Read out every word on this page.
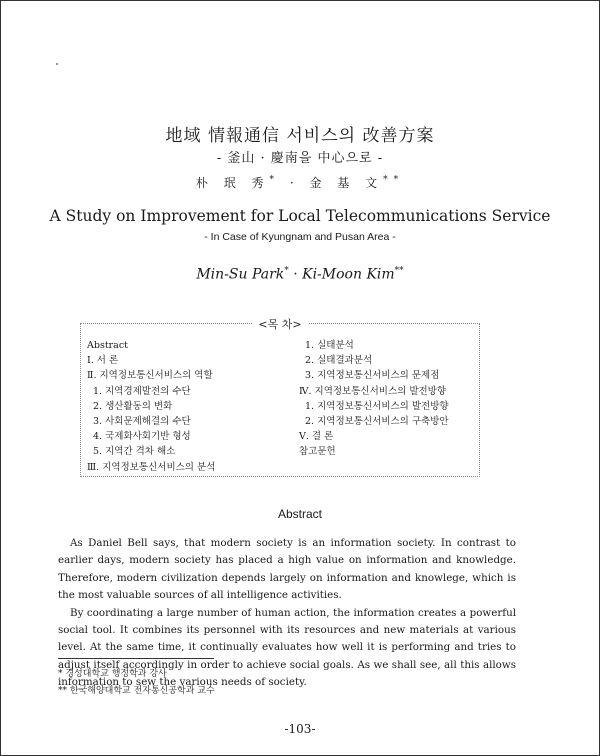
地域 情報通信 서비스의 改善方案
- 釜山 · 慶南을 中心으로 -
朴 珉 秀* · 金 基 文**
A Study on Improvement for Local Telecommunications Service
- In Case of Kyungnam and Pusan Area -
Min-Su Park* · Ki-Moon Kim**
<목 차>
Abstract
Ⅰ. 서 론
Ⅱ. 지역정보통신서비스의 역할
1. 지역경제발전의 수단
2. 생산활동의 변화
3. 사회문제해결의 수단
4. 국제화사회기반 형성
5. 지역간 격차 해소
Ⅲ. 지역정보통신서비스의 분석
1. 실태분석
2. 실태결과분석
3. 지역정보통신서비스의 문제점
Ⅳ. 지역정보통신서비스의 발전방향
1. 지역정보통신서비스의 발전방향
2. 지역정보통신서비스의 구축방안
Ⅴ. 결 론
참고문헌
Abstract

As Daniel Bell says, that modern society is an information society. In contrast to earlier days, modern society has placed a high value on information and knowledge. Therefore, modern civilization depends largely on information and knowlege, which is the most valuable sources of all intelligence activities.

By coordinating a large number of human action, the information creates a powerful social tool. It combines its personnel with its resources and new materials at various level. At the same time, it continually evaluates how well it is performing and tries to adjust itself accordingly in order to achieve social goals. As we shall see, all this allows information to sew the various needs of society.

* 경성대학교 행정학과 강사
** 한국해양대학교 전자통신공학과 교수
-103-
